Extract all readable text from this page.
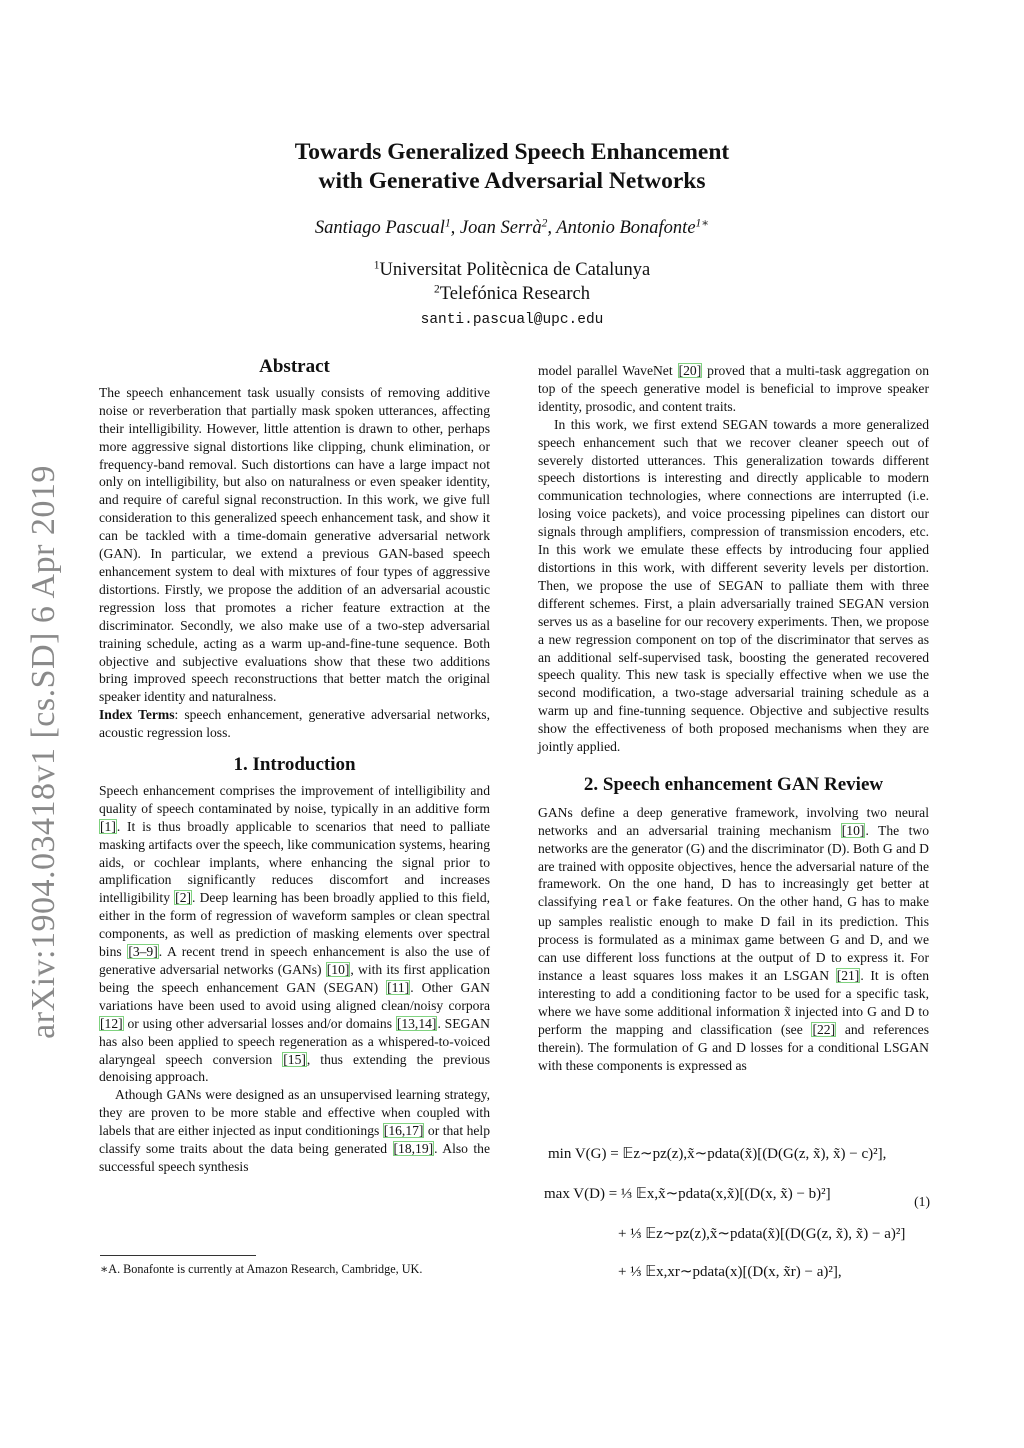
arXiv:1904.03418v1 [cs.SD] 6 Apr 2019
Towards Generalized Speech Enhancement
with Generative Adversarial Networks
Santiago Pascual$^1$, Joan Serrà$^2$, Antonio Bonafonte$^{1∗}$
$^1$Universitat Politècnica de Catalunya
$^2$Telefónica Research
santi.pascual@upc.edu

Abstract

The speech enhancement task usually consists of removing additive noise or reverberation that partially mask spoken utterances, affecting their intelligibility. However, little attention is drawn to other, perhaps more aggressive signal distortions like clipping, chunk elimination, or frequency-band removal. Such distortions can have a large impact not only on intelligibility, but also on naturalness or even speaker identity, and require of careful signal reconstruction. In this work, we give full consideration to this generalized speech enhancement task, and show it can be tackled with a time-domain generative adversarial network (GAN). In particular, we extend a previous GAN-based speech enhancement system to deal with mixtures of four types of aggressive distortions. Firstly, we propose the addition of an adversarial acoustic regression loss that promotes a richer feature extraction at the discriminator. Secondly, we also make use of a two-step adversarial training schedule, acting as a warm up-and-fine-tune sequence. Both objective and subjective evaluations show that these two additions bring improved speech reconstructions that better match the original speaker identity and naturalness.

Index Terms: speech enhancement, generative adversarial networks, acoustic regression loss.

1. Introduction

Speech enhancement comprises the improvement of intelligibility and quality of speech contaminated by noise, typically in an additive form [1]. It is thus broadly applicable to scenarios that need to palliate masking artifacts over the speech, like communication systems, hearing aids, or cochlear implants, where enhancing the signal prior to amplification significantly reduces discomfort and increases intelligibility [2]. Deep learning has been broadly applied to this field, either in the form of regression of waveform samples or clean spectral components, as well as prediction of masking elements over spectral bins [3–9]. A recent trend in speech enhancement is also the use of generative adversarial networks (GANs) [10], with its first application being the speech enhancement GAN (SEGAN) [11]. Other GAN variations have been used to avoid using aligned clean/noisy corpora [12] or using other adversarial losses and/or domains [13,14]. SEGAN has also been applied to speech regeneration as a whispered-to-voiced alaryngeal speech conversion [15], thus extending the previous denoising approach.

Athough GANs were designed as an unsupervised learning strategy, they are proven to be more stable and effective when coupled with labels that are either injected as input conditionings [16,17] or that help classify some traits about the data being generated [18,19]. Also the successful speech synthesis

∗A. Bonafonte is currently at Amazon Research, Cambridge, UK.

model parallel WaveNet [20] proved that a multi-task aggregation on top of the speech generative model is beneficial to improve speaker identity, prosodic, and content traits.

In this work, we first extend SEGAN towards a more generalized speech enhancement such that we recover cleaner speech out of severely distorted utterances. This generalization towards different speech distortions is interesting and directly applicable to modern communication technologies, where connections are interrupted (i.e. losing voice packets), and voice processing pipelines can distort our signals through amplifiers, compression of transmission encoders, etc. In this work we emulate these effects by introducing four applied distortions in this work, with different severity levels per distortion. Then, we propose the use of SEGAN to palliate them with three different schemes. First, a plain adversarially trained SEGAN version serves us as a baseline for our recovery experiments. Then, we propose a new regression component on top of the discriminator that serves as an additional self-supervised task, boosting the generated recovered speech quality. This new task is specially effective when we use the second modification, a two-stage adversarial training schedule as a warm up and fine-tunning sequence. Objective and subjective results show the effectiveness of both proposed mechanisms when they are jointly applied.

2. Speech enhancement GAN Review

GANs define a deep generative framework, involving two neural networks and an adversarial training mechanism [10]. The two networks are the generator (G) and the discriminator (D). Both G and D are trained with opposite objectives, hence the adversarial nature of the framework. On the one hand, D has to increasingly get better at classifying real or fake features. On the other hand, G has to make up samples realistic enough to make D fail in its prediction. This process is formulated as a minimax game between G and D, and we can use different loss functions at the output of D to express it. For instance a least squares loss makes it an LSGAN [21]. It is often interesting to add a conditioning factor to be used for a specific task, where we have some additional information x̃ injected into G and D to perform the mapping and classification (see [22] and references therein). The formulation of G and D losses for a conditional LSGAN with these components is expressed as

min V(G) = 𝔼z∼pz(z),x̃∼pdata(x̃)[(D(G(z, x̃), x̃) − c)²],
max V(D) = ⅓ 𝔼x,x̃∼pdata(x,x̃)[(D(x, x̃) − b)²]
+ ⅓ 𝔼z∼pz(z),x̃∼pdata(x̃)[(D(G(z, x̃), x̃) − a)²]
+ ⅓ 𝔼x,xr∼pdata(x)[(D(x, x̃r) − a)²],
(1)
